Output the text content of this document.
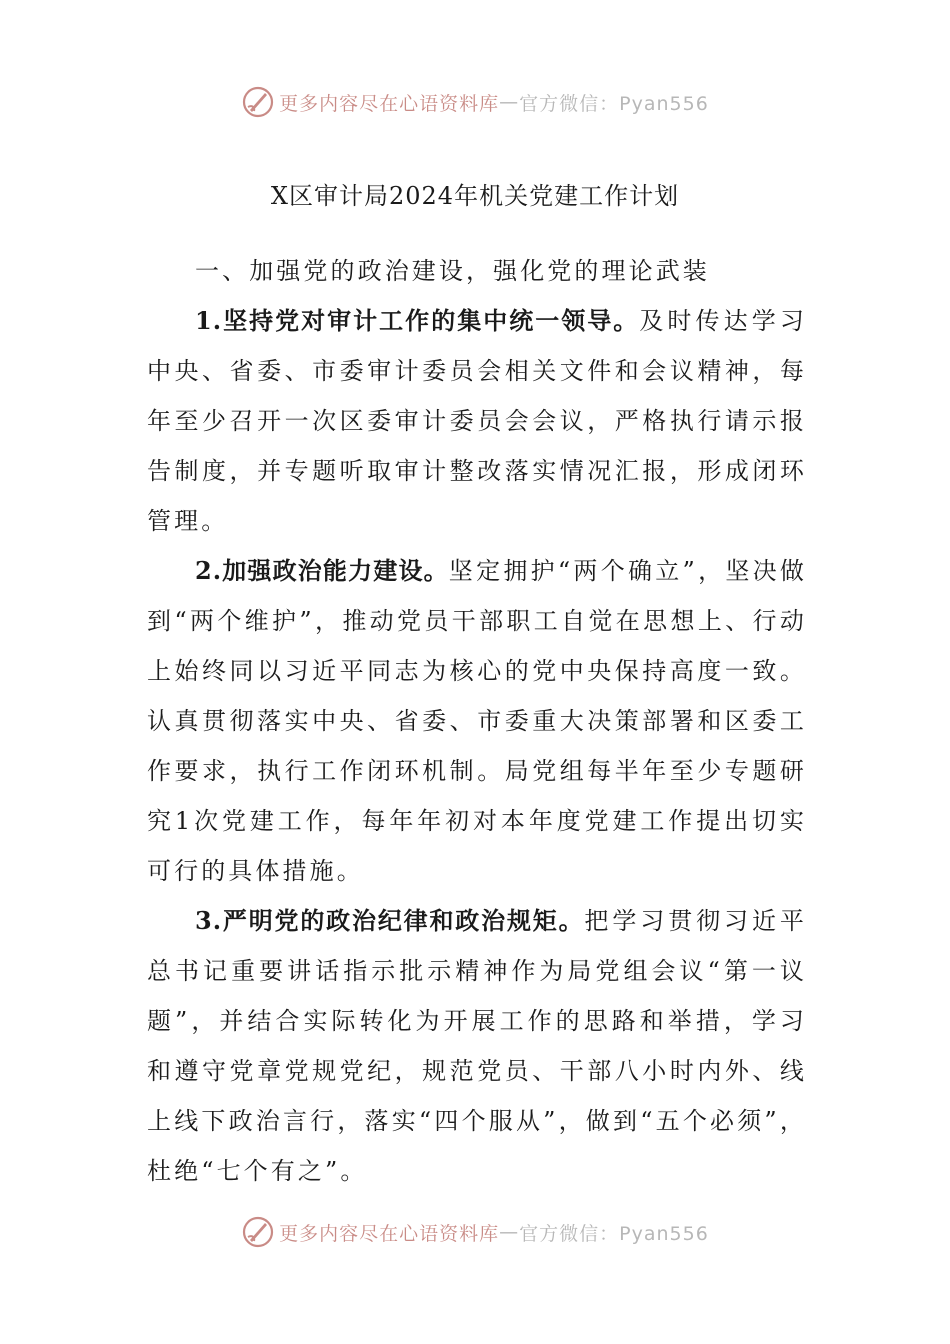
更多内容尽在心语资料库 — 官方微信：Pyan556
X区审计局2024年机关党建工作计划

一、加强党的政治建设，强化党的理论武装

1.坚持党对审计工作的集中统一领导。及时传达学习中央、省委、市委审计委员会相关文件和会议精神，每年至少召开一次区委审计委员会会议，严格执行请示报告制度，并专题听取审计整改落实情况汇报，形成闭环管理。

2.加强政治能力建设。坚定拥护“两个确立”，坚决做到“两个维护”，推动党员干部职工自觉在思想上、行动上始终同以习近平同志为核心的党中央保持高度一致。认真贯彻落实中央、省委、市委重大决策部署和区委工作要求，执行工作闭环机制。局党组每半年至少专题研究1次党建工作，每年年初对本年度党建工作提出切实可行的具体措施。

3.严明党的政治纪律和政治规矩。把学习贯彻习近平总书记重要讲话指示批示精神作为局党组会议“第一议题”，并结合实际转化为开展工作的思路和举措，学习和遵守党章党规党纪，规范党员、干部八小时内外、线上线下政治言行，落实“四个服从”，做到“五个必须”，杜绝“七个有之”。

更多内容尽在心语资料库 — 官方微信：Pyan556
